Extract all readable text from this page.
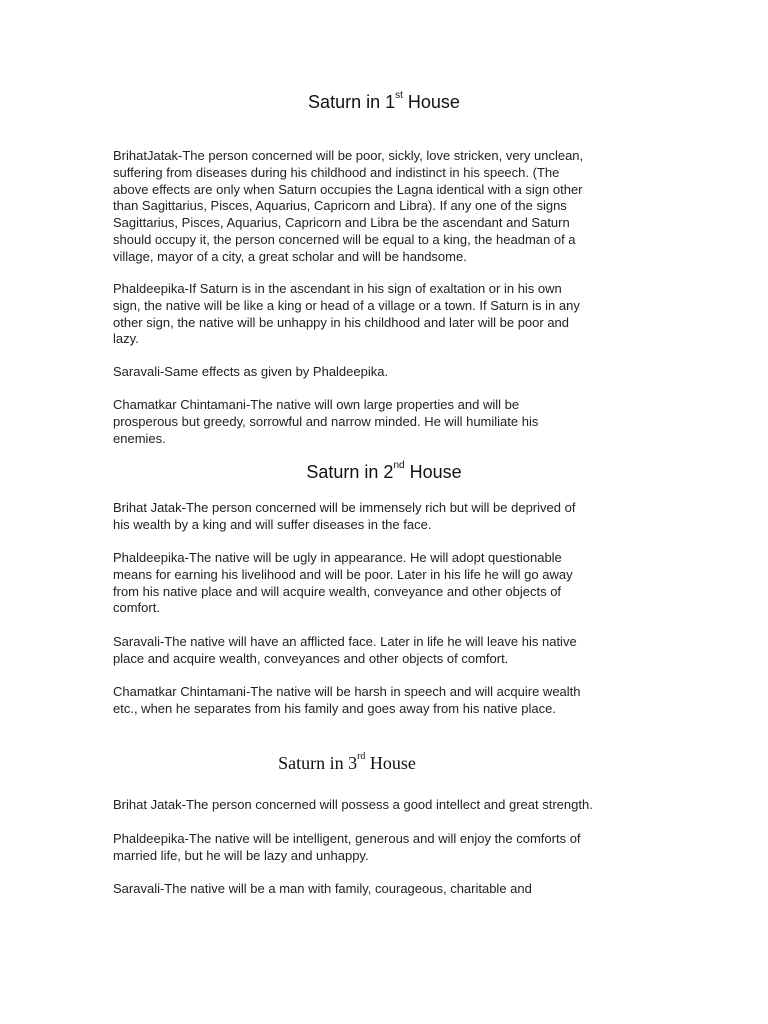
Saturn in 1st House
BrihatJatak-The person concerned will be poor, sickly, love stricken, very unclean,
suffering from diseases during his childhood and indistinct in his speech. (The
above effects are only when Saturn occupies the Lagna identical with a sign other
than Sagittarius, Pisces, Aquarius, Capricorn and Libra). If any one of the signs
Sagittarius, Pisces, Aquarius, Capricorn and Libra be the ascendant and Saturn
should occupy it, the person concerned will be equal to a king, the headman of a
village, mayor of a city, a great scholar and will be handsome.
Phaldeepika-If Saturn is in the ascendant in his sign of exaltation or in his own
sign, the native will be like a king or head of a village or a town. If Saturn is in any
other sign, the native will be unhappy in his childhood and later will be poor and
lazy.
Saravali-Same effects as given by Phaldeepika.
Chamatkar Chintamani-The native will own large properties and will be
prosperous but greedy, sorrowful and narrow minded. He will humiliate his
enemies.
Saturn in 2nd House
Brihat Jatak-The person concerned will be immensely rich but will be deprived of
his wealth by a king and will suffer diseases in the face.
Phaldeepika-The native will be ugly in appearance. He will adopt questionable
means for earning his livelihood and will be poor. Later in his life he will go away
from his native place and will acquire wealth, conveyance and other objects of
comfort.
Saravali-The native will have an afflicted face. Later in life he will leave his native
place and acquire wealth, conveyances and other objects of comfort.
Chamatkar Chintamani-The native will be harsh in speech and will acquire wealth
etc., when he separates from his family and goes away from his native place.
Saturn in 3rd House
Brihat Jatak-The person concerned will possess a good intellect and great strength.
Phaldeepika-The native will be intelligent, generous and will enjoy the comforts of
married life, but he will be lazy and unhappy.
Saravali-The native will be a man with family, courageous, charitable and
